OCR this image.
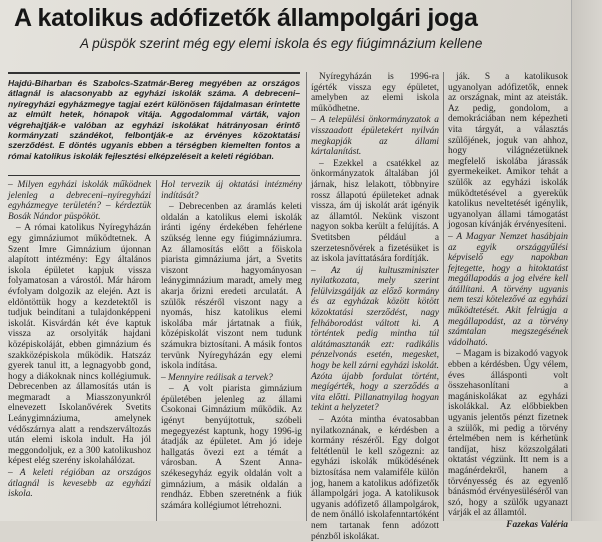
A katolikus adófizetők állampolgári joga
A püspök szerint még egy elemi iskola és egy fiúgimnázium kellene
Hajdú-Biharban és Szabolcs-Szatmár-Bereg megyében az országos átlagnál is alacsonyabb az egyházi iskolák száma. A debreceni–nyíregyházi egyházmegye tagjai ezért különösen fájdalmasan érintette az elmúlt hetek, hónapok vitája. Aggodalommal várták, vajon végrehajtják-e valóban az egyházi iskolákat hátrányosan érintő kormányzati szándékot, felbontják-e az érvényes közoktatási szerződést. E döntés ugyanis ebben a térségben kiemelten fontos a római katolikus iskolák fejlesztési elképzeléseit a keleti régióban.

– Milyen egyházi iskolák működnek jelenleg a debreceni–nyíregyházi egyházmegye területén? – kérdeztük Bosák Nándor püspököt.

– A római katolikus Nyíregyházán egy gimnáziumot működtetnek. A Szent Imre Gimnázium újonnan alapított intézmény: Egy általános iskola épületet kapjuk vissza folyamatosan a várostól. Már három évfolyam dolgozik az elején. Azt is eldöntöttük hogy a kezdetektől is tudjuk beindítani a tulajdonképpeni iskolát. Kisvárdán két éve kaptuk vissza az orsolyiták hajdani középiskoláját, ebben gimnázium és szakközépiskola működik. Hatszáz gyerek tanul itt, a legnagyobb gond, hogy a diákoknak nincs kollégiumuk. Debrecenben az államosítás után is megmaradt a Miasszonyunkról elnevezett Iskolanővérek Svetits Leánygimnáziuma, amelynek védőszárnya alatt a rendszerváltozás után elemi iskola indult. Ha jól meggondoljuk, ez a 300 katolikushoz képest elég szerény iskolahálózat.

– A keleti régióban az országos átlagnál is kevesebb az egyházi iskola.

Hol tervezik új oktatási intézmény indítását?

– Debrecenben az áramlás keleti oldalán a katolikus elemi iskolák iránti igény érdekében fehérlene szükség lenne egy fiúgimnáziumra. Az államosítás előtt a főiskola piarista gimnáziuma járt, a Svetits viszont hagyományosan leánygimnázium maradt, amely meg akarja őrizni eredeti arculatát. A szülők részéről viszont nagy a nyomás, hisz katolikus elemi iskolába már jártatnak a fiúk, középiskolát viszont nem tudunk számukra biztosítani. A másik fontos tervünk Nyíregyházán egy elemi iskola indítása.

– Mennyire reálisak a tervek?

– A volt piarista gimnázium épületében jelenleg az állami Csokonai Gimnázium működik. Az igényt benyújtottuk, szóbeli megegyezést kaptunk, hogy 1996-ig átadják az épületet. Am jó ideje hallgatás övezi ezt a témát a városban. A Szent Anna-székesegyház egyik oldalán volt a gimnázium, a másik oldalán a rendház. Ebben szeretnénk a fiúk számára kollégiumot létrehozni.

Nyíregyházán is 1996-ra ígérték vissza egy épületet, amelyben az elemi iskola működhetne.

– A települési önkormányzatok a visszaadott épületekért nyilván megkapják az állami kártalanítást.

– Ezekkel a csatékkel az önkormányzatok általában jól járnak, hisz lelakott, többnyire rossz állapotú épületeket adnak vissza, ám új iskolát arát igényik az államtól. Nekünk viszont nagyon sokba került a felújítás. A Svetitsben például a szerzetesnővérek a fizetésüket is az iskola javíttatására fordítják.

– Az új kultuszminiszter nyilatkozata, mely szerint felülvizsgálják az előző kormány és az egyházak között kötött közoktatási szerződést, nagy felháborodást váltott ki. A történtek pedig mintha túl alátámasztanák ezt: radikális pénzelvonás esetén, megesket, hogy be kell zárni egyházi iskolát. Azóta újabb fordulat történt, megígérték, hogy a szerződés a vita előtti. Pillanatnyilag hogyan tekint a helyzetet?

– Azóta mintha évatosabban nyilatkoznának, e kérdésben a kormány részéről. Egy dolgot feltétlenül le kell szögezni: az egyházi iskolák működésének biztosítása nem valamiféle külön jog, hanem a katolikus adófizetők állampolgári joga. A katolikusok ugyanis adófizető állampolgárok, de nem önálló iskolafenntartóként nem tartanak fenn adózott pénzből iskolákat.

ják. S a katolikusok ugyanolyan adófizetők, ennek az országnak, mint az ateisták. Az pedig, gondolom, a demokráciában nem képezheti vita tárgyát, a választás szülőjének, joguk van ahhoz, hogy világnézetüknek megfelelő iskolába járassák gyermekeiket. Amikor tehát a szülők az egyházi iskolák működtetésével a gyerekük katolikus neveltetését igénylik, ugyanolyan állami támogatást jogosan kívánják érvényesíteni.

– A Magyar Nemzet hasábjain az egyik országgyűlési képviselő egy napokban fejtegette, hogy a hitoktatást megállapodás a jog elvére kell átállítani. A törvény ugyanis nem teszi kötelezővé az egyházi működtetését. Akit felrúgja a megállapodást, az a törvény számtalan megszegésének vádolható.

– Magam is bizakodó vagyok ebben a kérdésben. Úgy vélem, éves állásponti volt összehasonlítani a magániskolákat az egyházi iskolákkal. Az előbbiekben ugyanis jelentős pénzt fizetnek a szülők, mi pedig a törvény értelmében nem is kérhetünk tandíjat, hisz közszolgálati oktatást végzünk. Itt nem is a magánérdekről, hanem a törvényesség és az egyenlő bánásmód érvényesüléséről van szó, hogy a szülők ugyanazt várják el az államtól.

Fazekas Valéria
